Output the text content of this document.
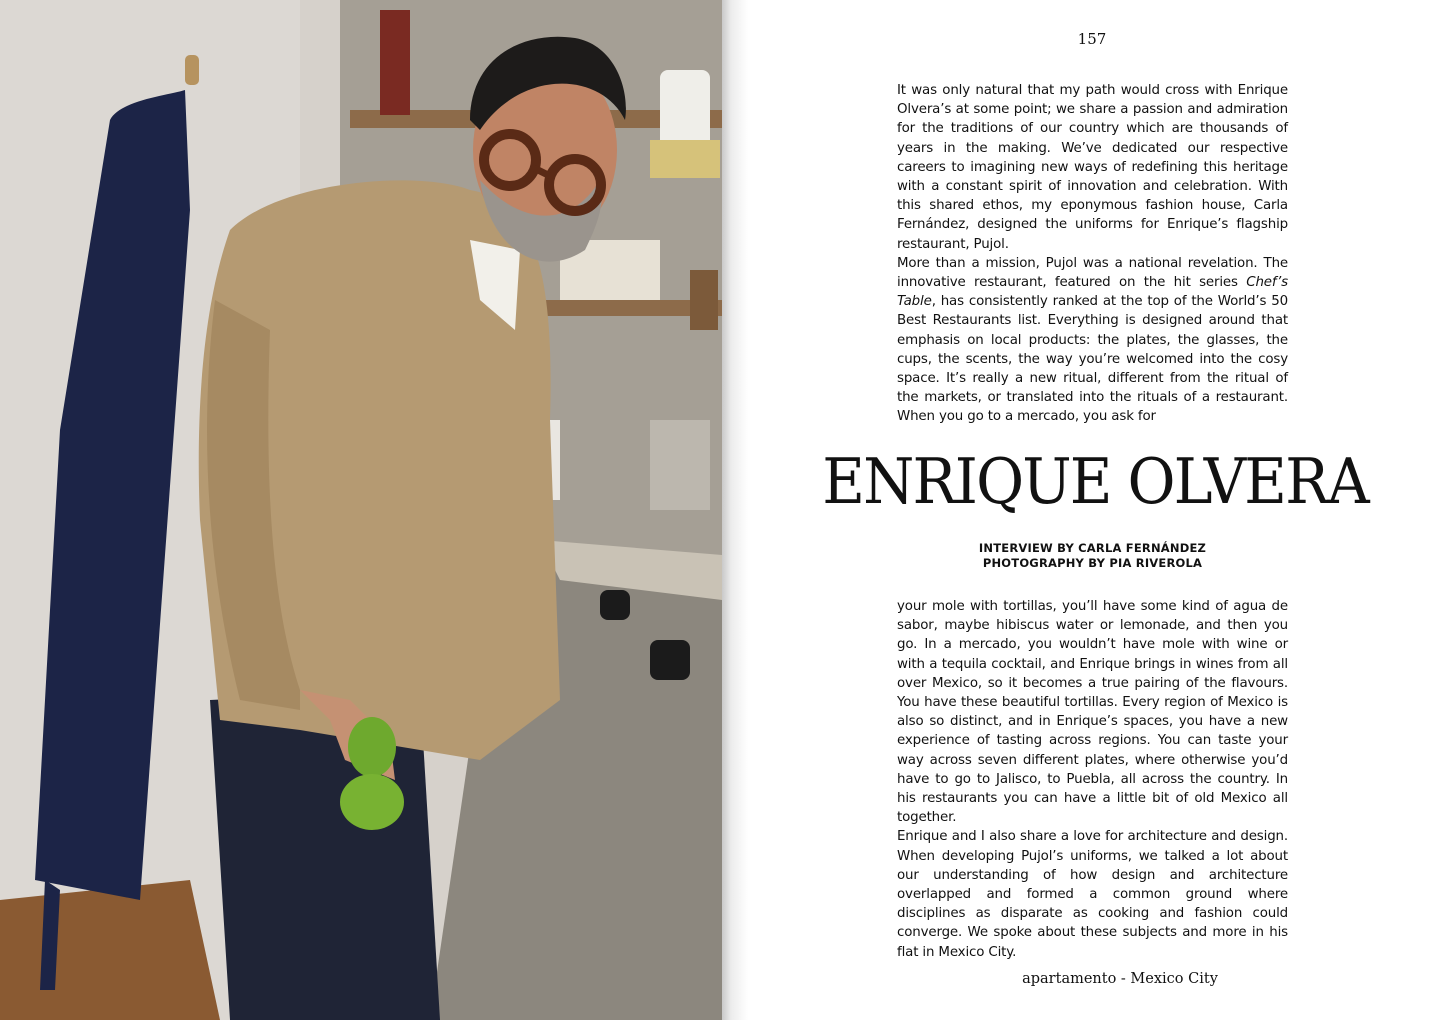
157

It was only natural that my path would cross with Enrique Olvera’s at some point; we share a passion and admiration for the traditions of our country which are thousands of years in the making. We’ve dedicated our respective careers to imagining new ways of redefining this heritage with a constant spirit of innovation and celebration. With this shared ethos, my eponymous fashion house, Carla Fernández, designed the uniforms for Enrique’s flagship restaurant, Pujol.

More than a mission, Pujol was a national revelation. The innovative restaurant, featured on the hit series Chef’s Table, has consistently ranked at the top of the World’s 50 Best Restaurants list. Everything is designed around that emphasis on local products: the plates, the glasses, the cups, the scents, the way you’re welcomed into the cosy space. It’s really a new ritual, different from the ritual of the markets, or translated into the rituals of a restaurant. When you go to a mercado, you ask for

ENRIQUE OLVERA
INTERVIEW BY CARLA FERNÁNDEZ
PHOTOGRAPHY BY PIA RIVEROLA

your mole with tortillas, you’ll have some kind of agua de sabor, maybe hibiscus water or lemonade, and then you go. In a mercado, you wouldn’t have mole with wine or with a tequila cocktail, and Enrique brings in wines from all over Mexico, so it becomes a true pairing of the flavours. You have these beautiful tortillas. Every region of Mexico is also so distinct, and in Enrique’s spaces, you have a new experience of tasting across regions. You can taste your way across seven different plates, where otherwise you’d have to go to Jalisco, to Puebla, all across the country. In his restaurants you can have a little bit of old Mexico all together.

Enrique and I also share a love for architecture and design. When developing Pujol’s uniforms, we talked a lot about our understanding of how design and architecture overlapped and formed a common ground where disciplines as disparate as cooking and fashion could converge. We spoke about these subjects and more in his flat in Mexico City.

apartamento - Mexico City
